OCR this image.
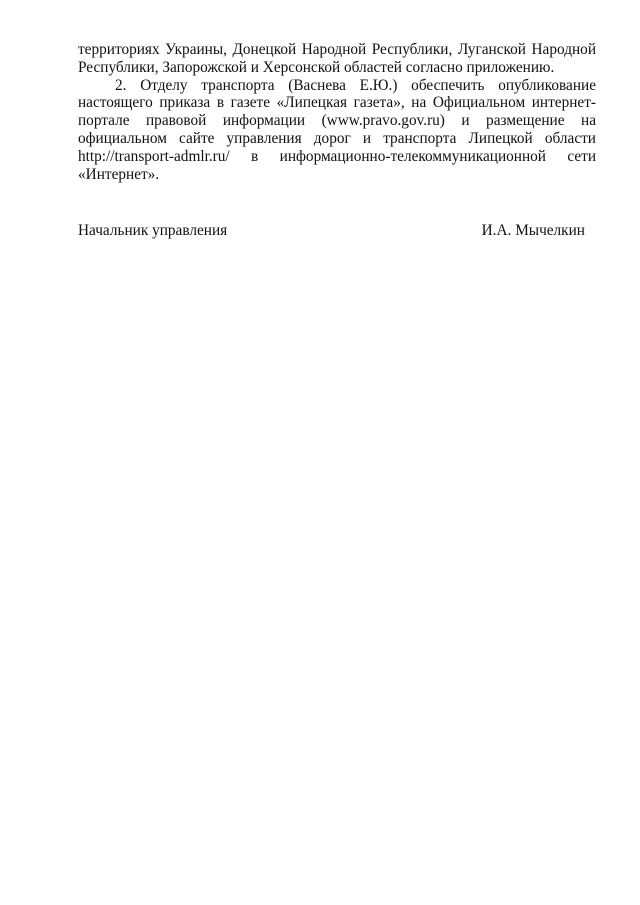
территориях Украины, Донецкой Народной Республики, Луганской Народной
Республики, Запорожской и Херсонской областей согласно приложению.

2. Отделу транспорта (Васнева Е.Ю.) обеспечить опубликование
настоящего приказа в газете «Липецкая газета», на Официальном интернет-
портале правовой информации (www.pravo.gov.ru) и размещение на
официальном сайте управления дорог и транспорта Липецкой области
http://transport-admlr.ru/ в информационно-телекоммуникационной сети
«Интернет».

Начальник управления	И.А. Мычелкин
